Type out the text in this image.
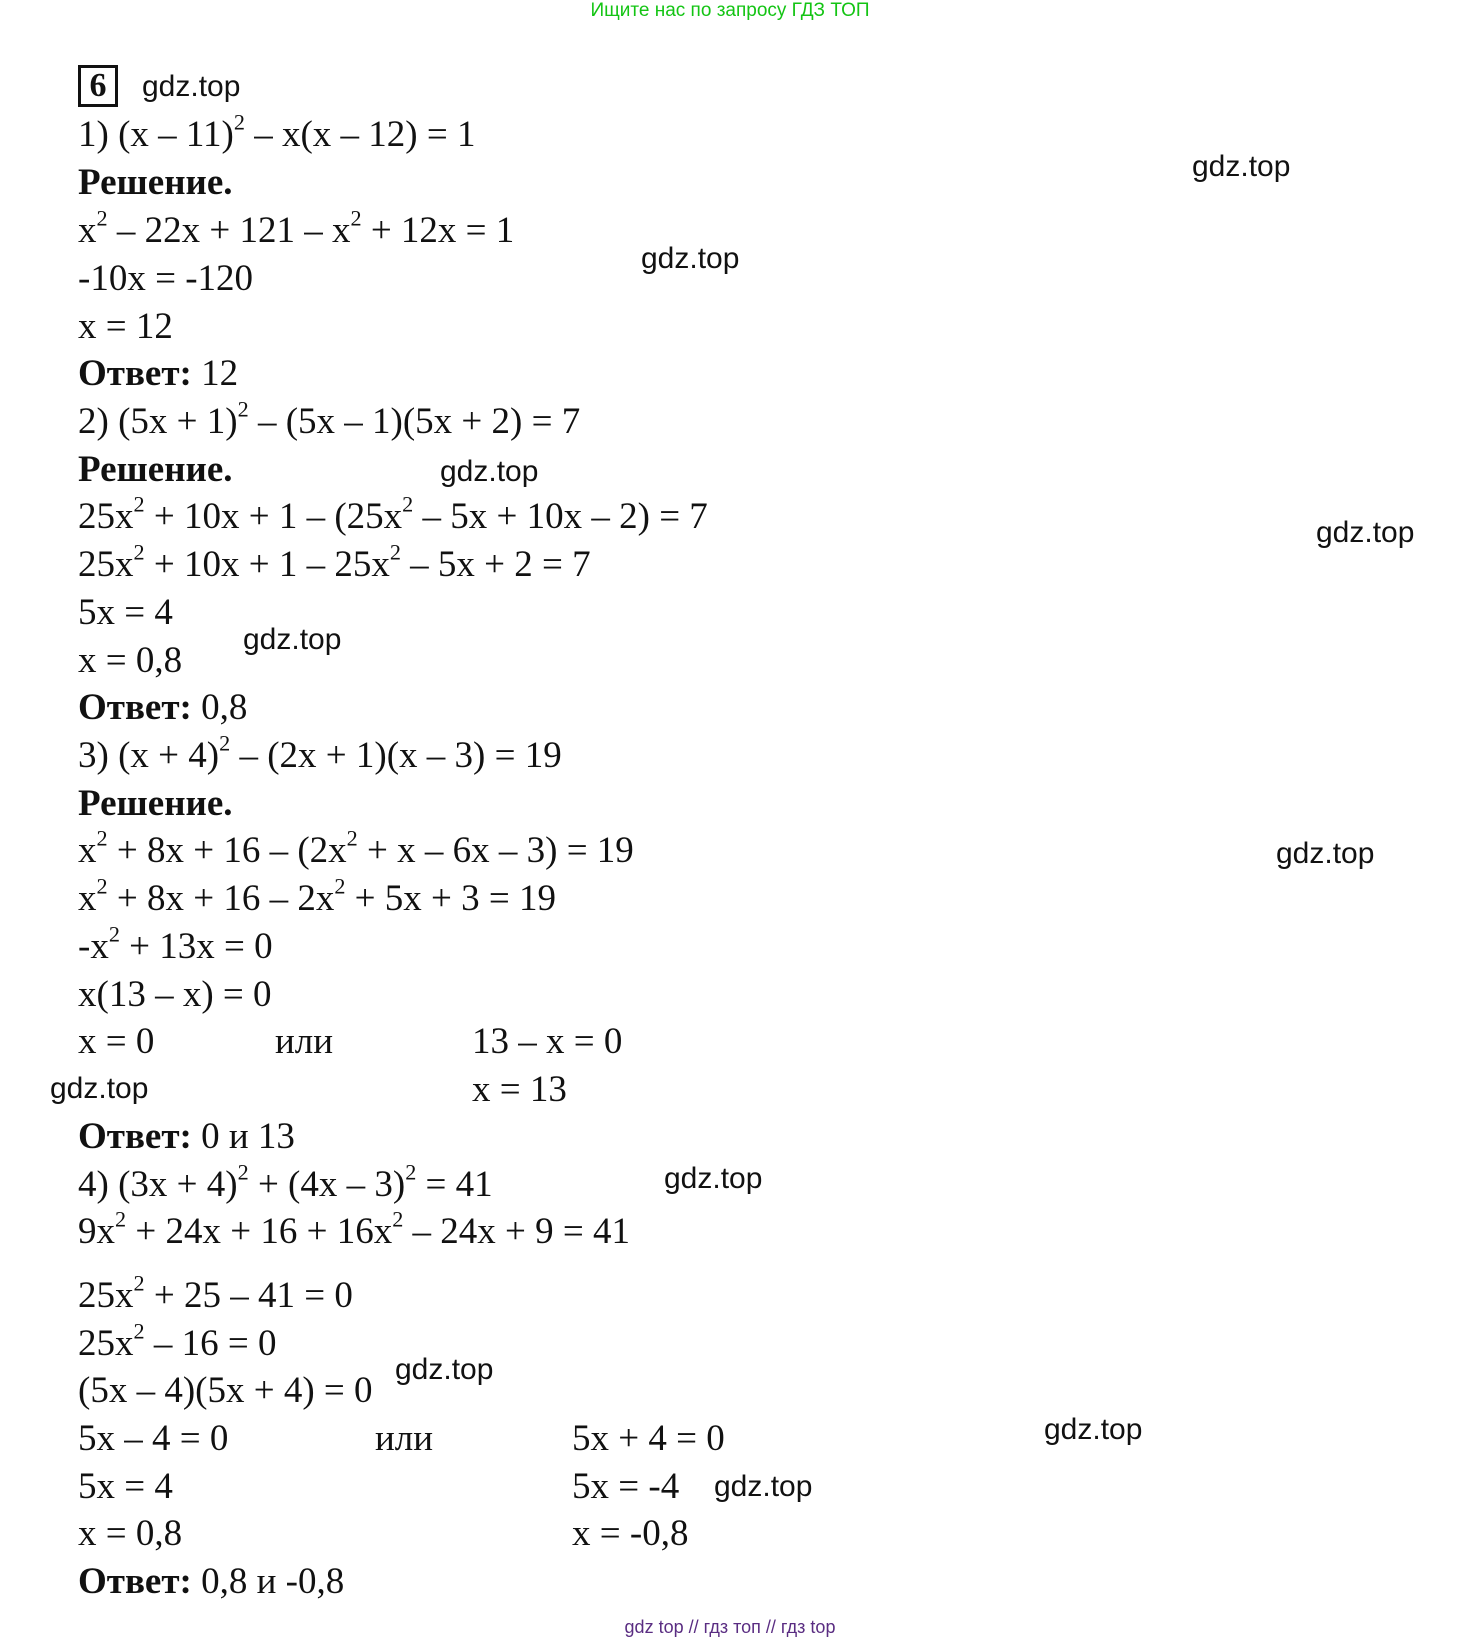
Ищите нас по запросу ГДЗ ТОП
6
1) (x – 11)$^2$ – x(x – 12) = 1
Решение.
$x^2 - 22x + 121 - x^2 + 12x = 1$
-10x = -120
x = 12
Ответ: 12
2) $(5x + 1)^2 - (5x - 1)(5x + 2) = 7$
Решение.
$25x^2 + 10x + 1 - (25x^2 - 5x + 10x - 2) = 7$
$25x^2 + 10x + 1 - 25x^2 - 5x + 2 = 7$
5x = 4
x = 0,8
Ответ: 0,8
3) $(x + 4)^2 - (2x + 1)(x - 3) = 19$
Решение.
$x^2 + 8x + 16 - (2x^2 + x - 6x - 3) = 19$
$x^2 + 8x + 16 - 2x^2 + 5x + 3 = 19$
$-x^2 + 13x = 0$
x(13 – x) = 0
x = 0	или	13 – x = 0
x = 13
Ответ: 0 и 13
4) $(3x + 4)^2 + (4x - 3)^2 = 41$
$9x^2 + 24x + 16 + 16x^2 - 24x + 9 = 41$
$25x^2 + 25 - 41 = 0$
$25x^2 - 16 = 0$
(5x – 4)(5x + 4) = 0
5x – 4 = 0	или	5x + 4 = 0
5x = 4	5x = -4
x = 0,8	x = -0,8
Ответ: 0,8 и -0,8
gdz.top
gdz.top
gdz.top
gdz.top
gdz.top
gdz.top
gdz.top
gdz.top
gdz.top
gdz.top
gdz.top
gdz.top
gdz top // гдз топ // гдз top
